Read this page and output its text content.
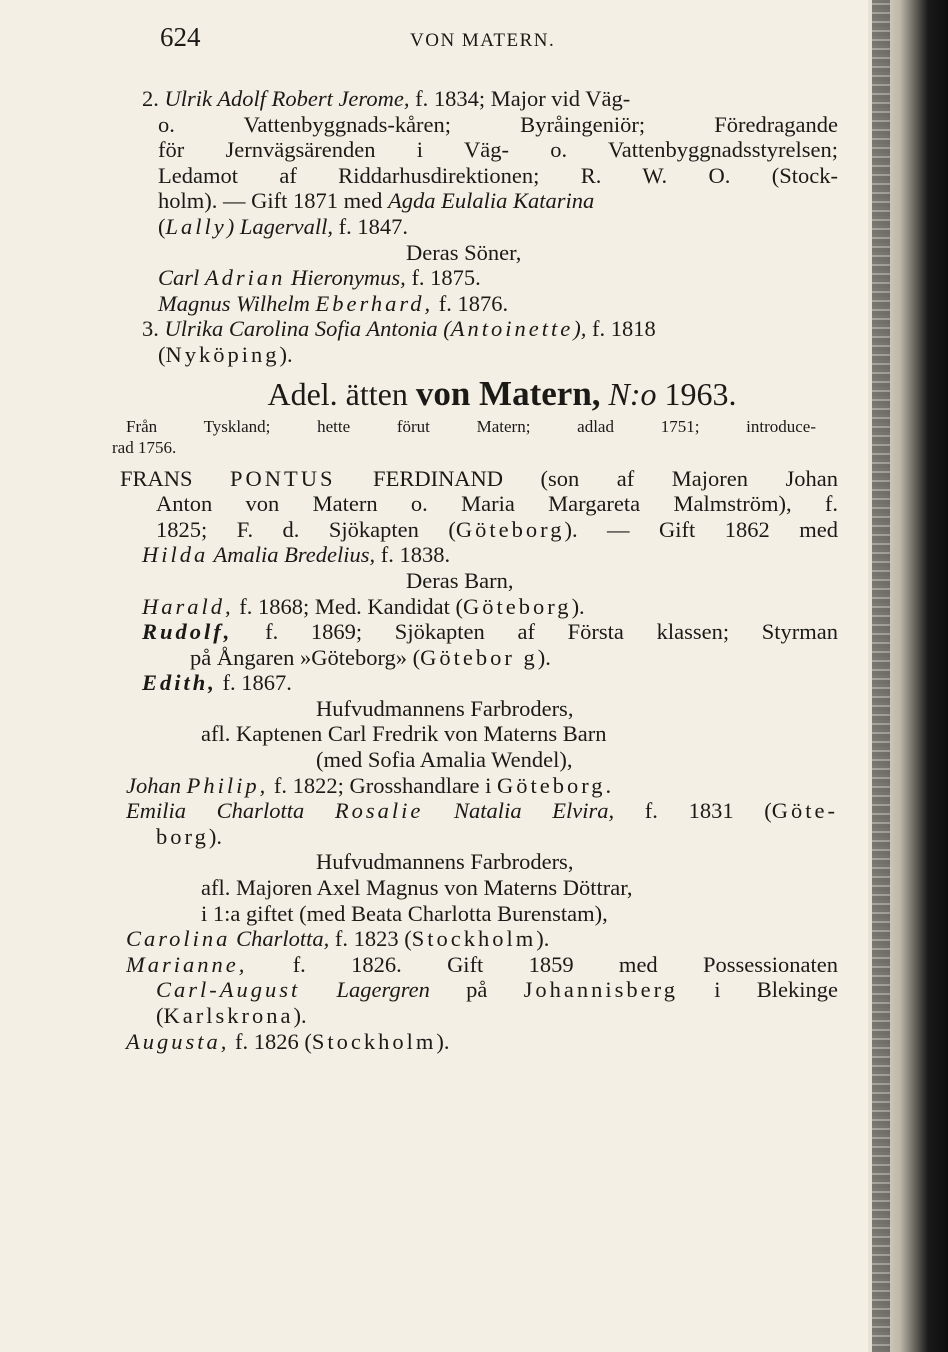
624	VON MATERN.
2. Ulrik Adolf Robert Jerome, f. 1834; Major vid Väg-
o. Vattenbyggnads-kåren; Byråingeniör; Föredragande
för Jernvägsärenden i Väg- o. Vattenbyggnadsstyrelsen;
Ledamot af Riddarhusdirektionen; R. W. O. (Stock-
holm). — Gift 1871 med Agda Eulalia Katarina
(Lally) Lagervall, f. 1847.
Deras Söner,
Carl Adrian Hieronymus, f. 1875.
Magnus Wilhelm Eberhard, f. 1876.
3. Ulrika Carolina Sofia Antonia (Antoinette), f. 1818
(Nyköping).
Adel. ätten von Matern, N:o 1963.
Från Tyskland; hette förut Matern; adlad 1751; introduce-
rad 1756.
FRANS PONTUS FERDINAND (son af Majoren Johan
Anton von Matern o. Maria Margareta Malmström), f.
1825; F. d. Sjökapten (Göteborg). — Gift 1862 med
Hilda Amalia Bredelius, f. 1838.
Deras Barn,
Harald, f. 1868; Med. Kandidat (Göteborg).
Rudolf, f. 1869; Sjökapten af Första klassen; Styrman
på Ångaren »Göteborg» (Götebor g).
Edith, f. 1867.
Hufvudmannens Farbroders,
afl. Kaptenen Carl Fredrik von Materns Barn
(med Sofia Amalia Wendel),
Johan Philip, f. 1822; Grosshandlare i Göteborg.
Emilia Charlotta Rosalie Natalia Elvira, f. 1831 (Göte-
borg).
Hufvudmannens Farbroders,
afl. Majoren Axel Magnus von Materns Döttrar,
i 1:a giftet (med Beata Charlotta Burenstam),
Carolina Charlotta, f. 1823 (Stockholm).
Marianne, f. 1826. Gift 1859 med Possessionaten
Carl-August Lagergren på Johannisberg i Blekinge
(Karlskrona).
Augusta, f. 1826 (Stockholm).
